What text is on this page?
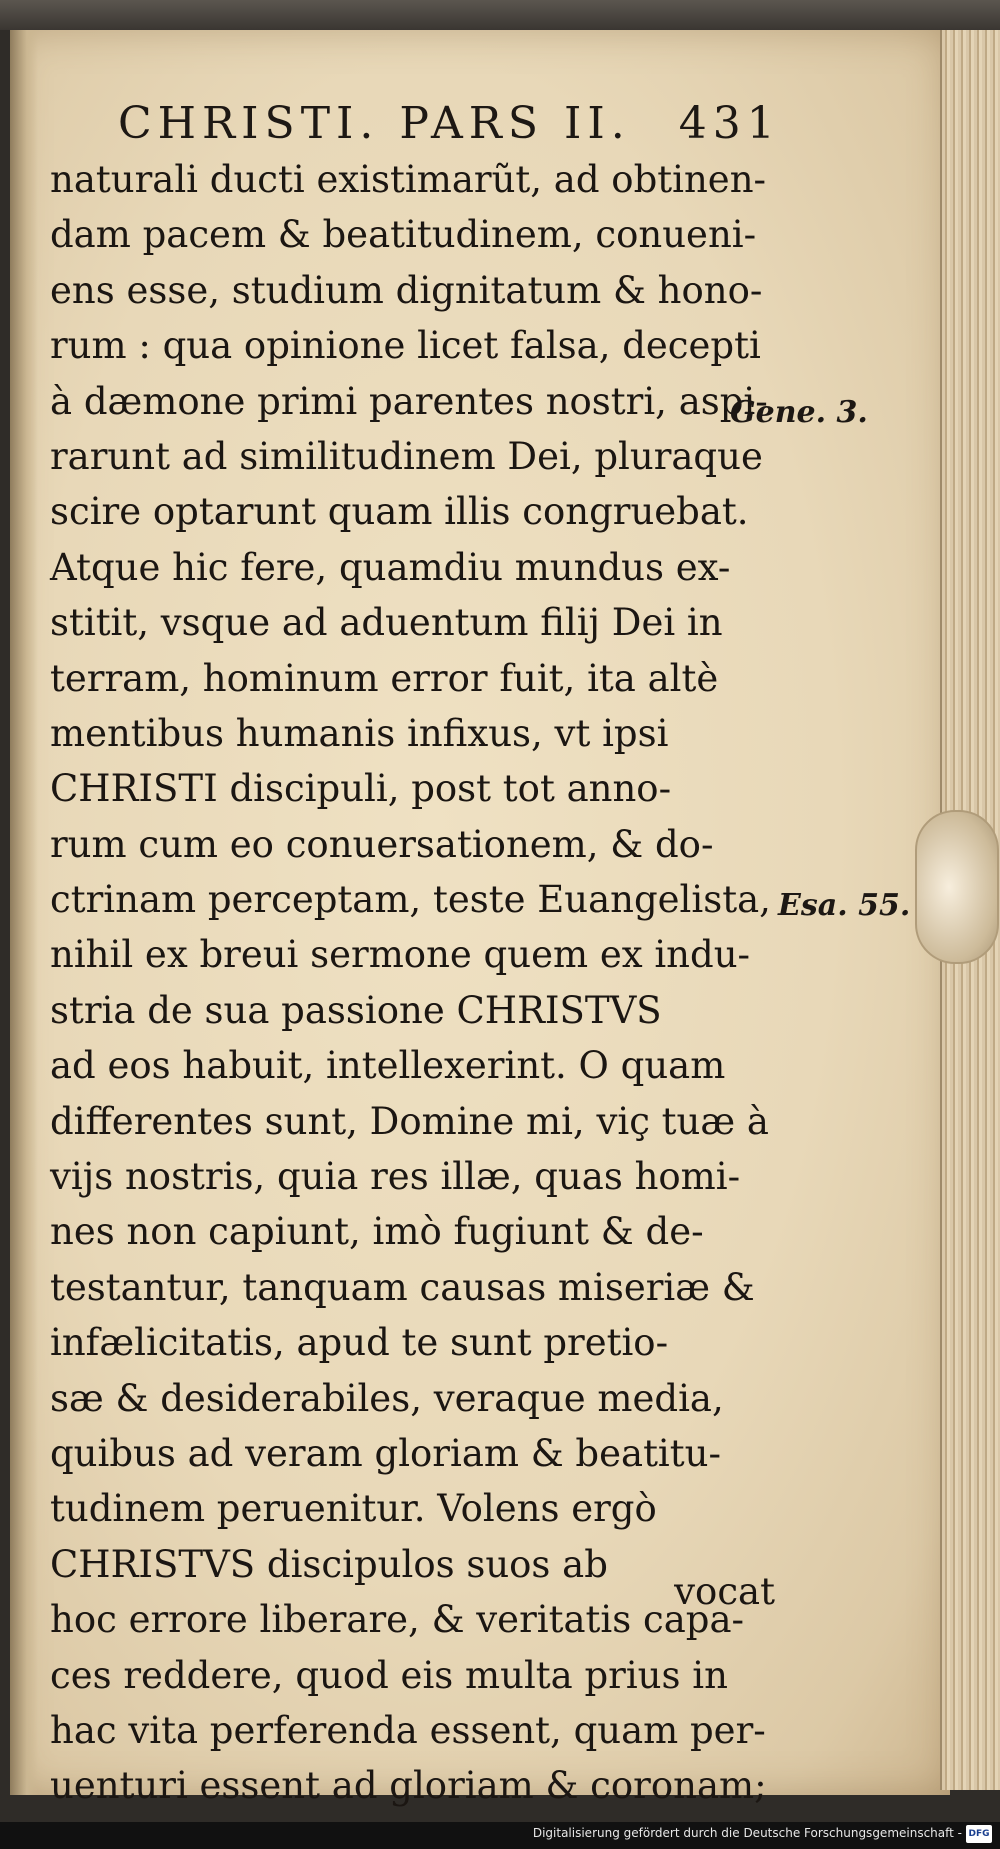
CHRISTI. PARS II. 431
naturali ducti existimarũt, ad obtinen-
dam pacem & beatitudinem, conueni-
ens esse, studium dignitatum & hono-
rum : qua opinione licet falsa, decepti
à dæmone primi parentes nostri, aspi-
rarunt ad similitudinem Dei, pluraque
scire optarunt quam illis congruebat.
Atque hic fere, quamdiu mundus ex-
stitit, vsque ad aduentum filij Dei in
terram, hominum error fuit, ita altè
mentibus humanis infixus, vt ipsi
CHRISTI discipuli, post tot anno-
rum cum eo conuersationem, & do-
ctrinam perceptam, teste Euangelista,
nihil ex breui sermone quem ex indu-
stria de sua passione CHRISTVS
ad eos habuit, intellexerint. O quam
differentes sunt, Domine mi, viç tuæ à
vijs nostris, quia res illæ, quas homi-
nes non capiunt, imò fugiunt & de-
testantur, tanquam causas miseriæ &
infælicitatis, apud te sunt pretio-
sæ & desiderabiles, veraque media,
quibus ad veram gloriam & beatitu-
tudinem peruenitur. Volens ergò
CHRISTVS discipulos suos ab
hoc errore liberare, & veritatis capa-
ces reddere, quod eis multa prius in
hac vita perferenda essent, quam per-
uenturi essent ad gloriam & coronam;
vocat
Gene. 3.
Esa. 55.
Digitalisierung gefördert durch die Deutsche Forschungsgemeinschaft - DFG
